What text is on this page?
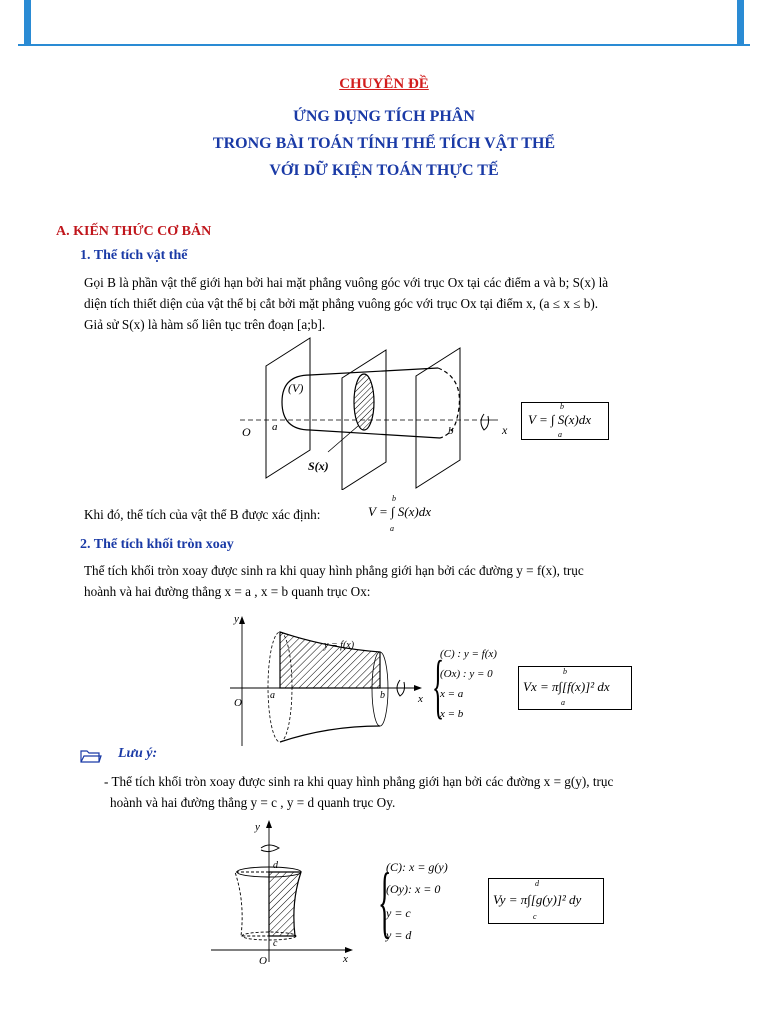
CHUYÊN ĐỀ
ỨNG DỤNG TÍCH PHÂN
TRONG BÀI TOÁN TÍNH THỂ TÍCH VẬT THỂ
VỚI DỮ KIỆN TOÁN THỰC TẾ
A. KIẾN THỨC CƠ BẢN
1. Thể tích vật thể
Gọi B là phần vật thể giới hạn bởi hai mặt phẳng vuông góc với trục Ox tại các điểm a và b; S(x) là
diện tích thiết diện của vật thể bị cắt bởi mặt phẳng vuông góc với trục Ox tại điểm x, (a ≤ x ≤ b).
Giả sử S(x) là hàm số liên tục trên đoạn [a;b].
(V)
O a	b	x
S(x)
b
V = ∫ S(x)dx
a
Khi đó, thể tích của vật thể B được xác định:
b
V = ∫ S(x)dx
a
2. Thể tích khối tròn xoay
Thể tích khối tròn xoay được sinh ra khi quay hình phẳng giới hạn bởi các đường y = f(x), trục
hoành và hai đường thẳng x = a , x = b quanh trục Ox:
y
O
a	b	x
y = f(x)
{
(C) : y = f(x)
(Ox) : y = 0
x = a
x = b
b
Vx = π∫[f(x)]² dx
a
Lưu ý:
- Thể tích khối tròn xoay được sinh ra khi quay hình phẳng giới hạn bởi các đường x = g(y), trục
hoành và hai đường thẳng y = c , y = d quanh trục Oy.
y
O
c
d
x
{
(C): x = g(y)
(Oy): x = 0
y = c
y = d
d
Vy = π∫[g(y)]² dy
c
